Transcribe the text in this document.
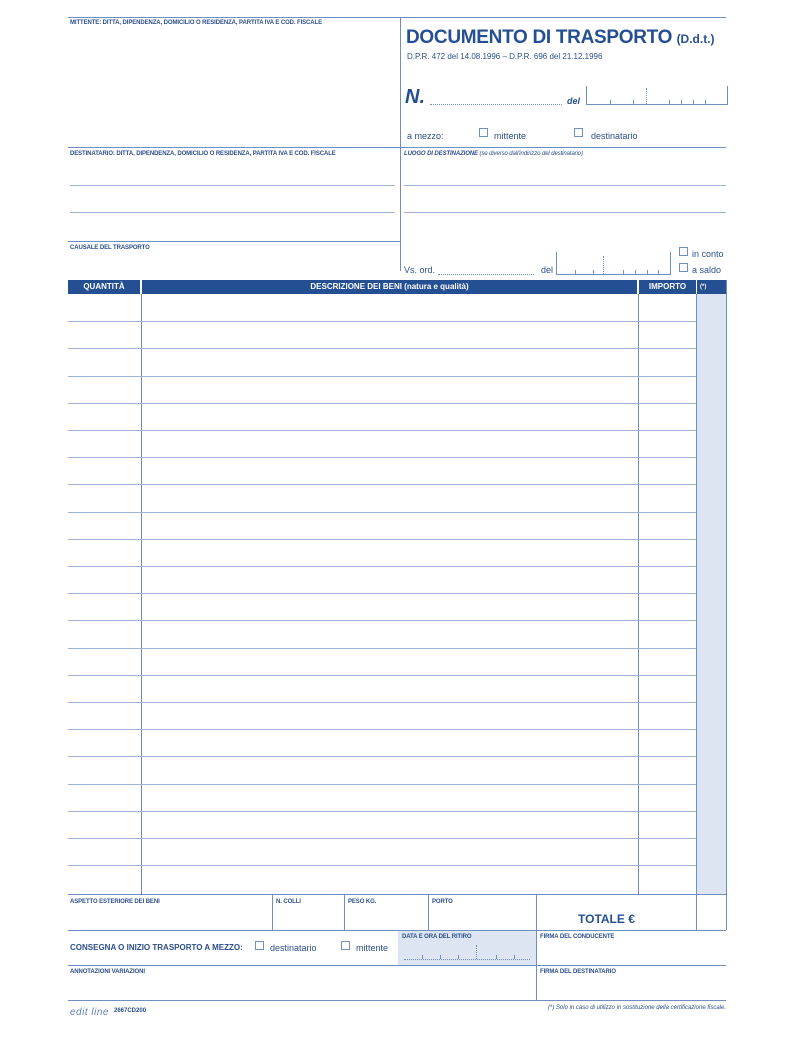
MITTENTE: DITTA, DIPENDENZA, DOMICILIO O RESIDENZA, PARTITA IVA E COD. FISCALE
DOCUMENTO DI TRASPORTO (D.d.t.)
D.P.R. 472 del 14.08.1996 – D.P.R. 696 del 21.12.1996
N.	del
a mezzo:	mittente	destinatario
DESTINATARIO: DITTA, DIPENDENZA, DOMICILIO O RESIDENZA, PARTITA IVA E COD. FISCALE	LUOGO DI DESTINAZIONE (se diverso dall'indirizzo del destinatario)
CAUSALE DEL TRASPORTO
Vs. ord.	del
in conto
a saldo
QUANTITÀ	DESCRIZIONE DEI BENI (natura e qualità)	IMPORTO	(*)
ASPETTO ESTERIORE DEI BENI	N. COLLI	PESO KG.	PORTO
TOTALE €
CONSEGNA O INIZIO TRASPORTO A MEZZO:	destinatario	mittente
DATA E ORA DEL RITIRO	FIRMA DEL CONDUCENTE
ANNOTAZIONI VARIAZIONI	FIRMA DEL DESTINATARIO
edit line 2667CD200	(*) Solo in caso di utilizzo in sostituzione della certificazione fiscale.
